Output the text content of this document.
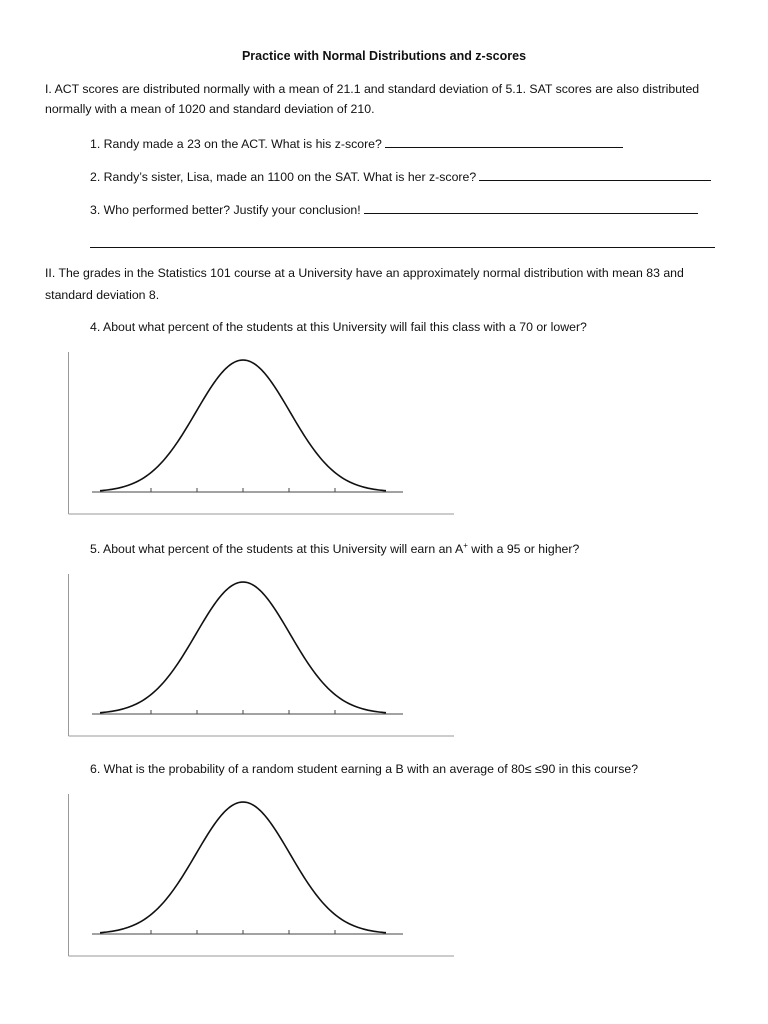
Practice with Normal Distributions and z-scores
I. ACT scores are distributed normally with a mean of 21.1 and standard deviation of 5.1. SAT scores are also distributed
normally with a mean of 1020 and standard deviation of 210.
1. Randy made a 23 on the ACT. What is his z-score?
2. Randy’s sister, Lisa, made an 1100 on the SAT. What is her z-score?
3. Who performed better? Justify your conclusion!
II. The grades in the Statistics 101 course at a University have an approximately normal distribution with mean 83 and
standard deviation 8.
4. About what percent of the students at this University will fail this class with a 70 or lower?
5. About what percent of the students at this University will earn an A+ with a 95 or higher?
6. What is the probability of a random student earning a B with an average of 80≤ ≤90 in this course?
